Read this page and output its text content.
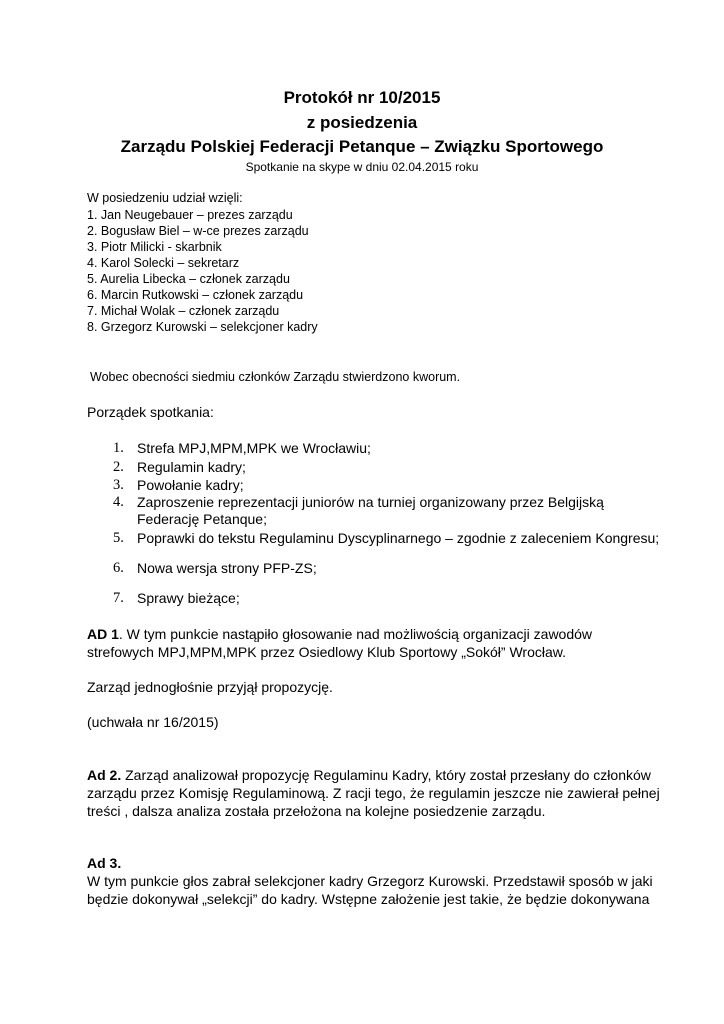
Protokół nr 10/2015
z posiedzenia
Zarządu Polskiej Federacji Petanque – Związku Sportowego
Spotkanie na skype w dniu 02.04.2015 roku
W posiedzeniu udział wzięli:
1. Jan Neugebauer – prezes zarządu
2. Bogusław Biel – w-ce prezes zarządu
3. Piotr Milicki - skarbnik
4. Karol Solecki – sekretarz
5. Aurelia Libecka – członek zarządu
6. Marcin Rutkowski – członek zarządu
7. Michał Wolak – członek zarządu
8. Grzegorz Kurowski – selekcjoner kadry
Wobec obecności siedmiu członków Zarządu stwierdzono kworum.
Porządek spotkania:
1. Strefa MPJ,MPM,MPK we Wrocławiu;
2. Regulamin kadry;
3. Powołanie kadry;
4. Zaproszenie reprezentacji juniorów na turniej organizowany przez Belgijską
Federację Petanque;
5. Poprawki do tekstu Regulaminu Dyscyplinarnego – zgodnie z zaleceniem Kongresu;
6. Nowa wersja strony PFP-ZS;
7. Sprawy bieżące;
AD 1. W tym punkcie nastąpiło głosowanie nad możliwością organizacji zawodów
strefowych MPJ,MPM,MPK przez Osiedlowy Klub Sportowy „Sokół” Wrocław.
Zarząd jednogłośnie przyjął propozycję.
(uchwała nr 16/2015)
Ad 2. Zarząd analizował propozycję Regulaminu Kadry, który został przesłany do członków
zarządu przez Komisję Regulaminową. Z racji tego, że regulamin jeszcze nie zawierał pełnej
treści , dalsza analiza została przełożona na kolejne posiedzenie zarządu.
Ad 3.
W tym punkcie głos zabrał selekcjoner kadry Grzegorz Kurowski. Przedstawił sposób w jaki
będzie dokonywał „selekcji” do kadry. Wstępne założenie jest takie, że będzie dokonywana
